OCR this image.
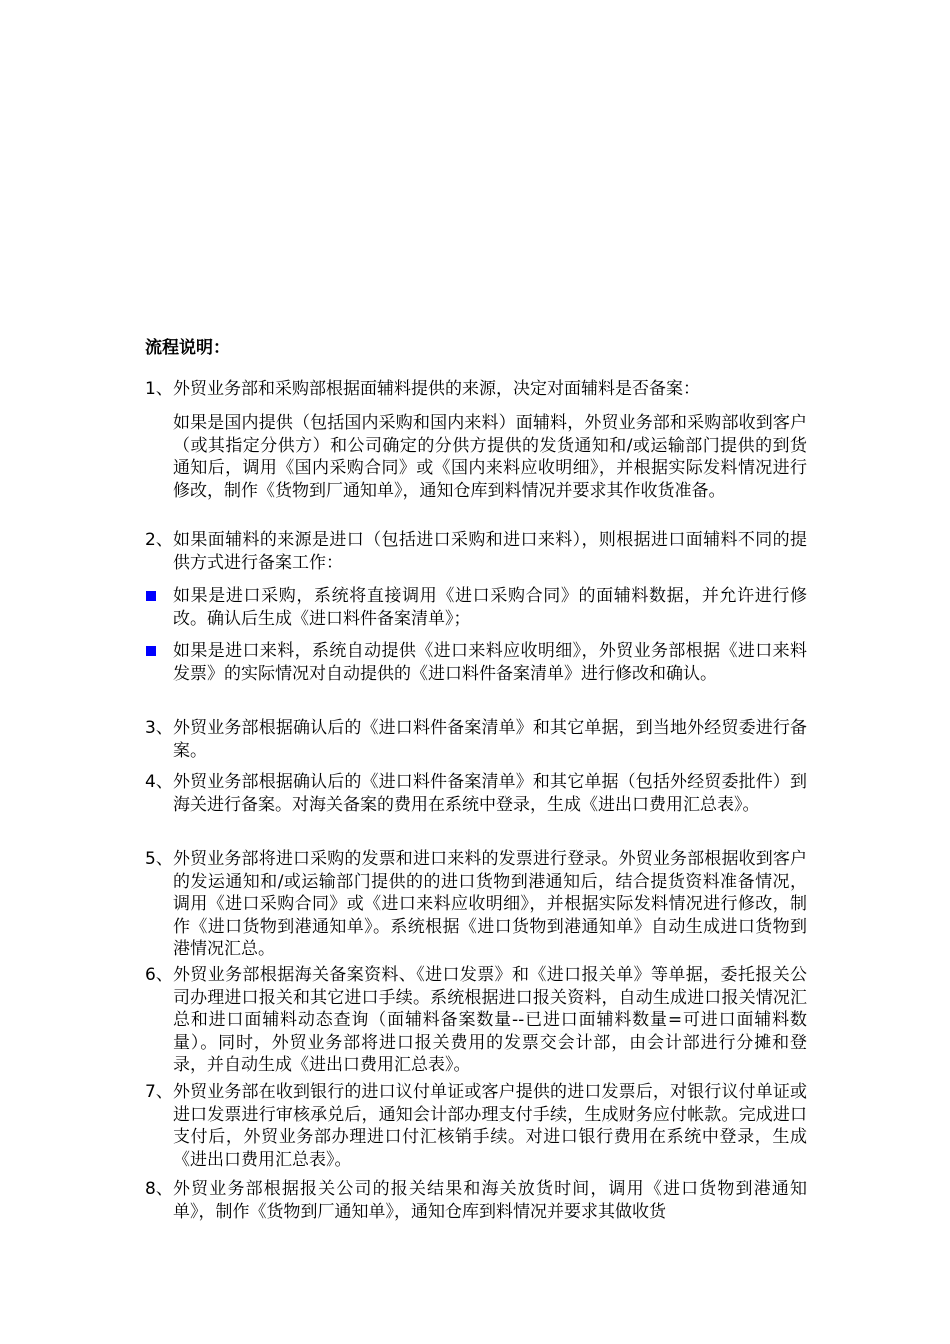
流程说明：
1、 外贸业务部和采购部根据面辅料提供的来源，决定对面辅料是否备案：
如果是国内提供（包括国内采购和国内来料）面辅料，外贸业务部和采购部收到客户（或其指定分供方）和公司确定的分供方提供的发货通知和/或运输部门提供的到货通知后，调用《国内采购合同》或《国内来料应收明细》，并根据实际发料情况进行修改，制作《货物到厂通知单》，通知仓库到料情况并要求其作收货准备。
2、 如果面辅料的来源是进口（包括进口采购和进口来料），则根据进口面辅料不同的提供方式进行备案工作：
如果是进口采购，系统将直接调用《进口采购合同》的面辅料数据，并允许进行修改。确认后生成《进口料件备案清单》；
如果是进口来料，系统自动提供《进口来料应收明细》，外贸业务部根据《进口来料发票》的实际情况对自动提供的《进口料件备案清单》进行修改和确认。
3、 外贸业务部根据确认后的《进口料件备案清单》和其它单据，到当地外经贸委进行备案。
4、 外贸业务部根据确认后的《进口料件备案清单》和其它单据（包括外经贸委批件）到海关进行备案。对海关备案的费用在系统中登录，生成《进出口费用汇总表》。
5、 外贸业务部将进口采购的发票和进口来料的发票进行登录。外贸业务部根据收到客户的发运通知和/或运输部门提供的的进口货物到港通知后，结合提货资料准备情况，调用《进口采购合同》或《进口来料应收明细》，并根据实际发料情况进行修改，制作《进口货物到港通知单》。系统根据《进口货物到港通知单》自动生成进口货物到港情况汇总。
6、 外贸业务部根据海关备案资料、《进口发票》和《进口报关单》等单据，委托报关公司办理进口报关和其它进口手续。系统根据进口报关资料，自动生成进口报关情况汇总和进口面辅料动态查询（面辅料备案数量--已进口面辅料数量=可进口面辅料数量）。同时，外贸业务部将进口报关费用的发票交会计部，由会计部进行分摊和登录，并自动生成《进出口费用汇总表》。
7、 外贸业务部在收到银行的进口议付单证或客户提供的进口发票后，对银行议付单证或进口发票进行审核承兑后，通知会计部办理支付手续，生成财务应付帐款。完成进口支付后，外贸业务部办理进口付汇核销手续。对进口银行费用在系统中登录，生成《进出口费用汇总表》。
8、 外贸业务部根据报关公司的报关结果和海关放货时间，调用《进口货物到港通知单》，制作《货物到厂通知单》，通知仓库到料情况并要求其做收货
